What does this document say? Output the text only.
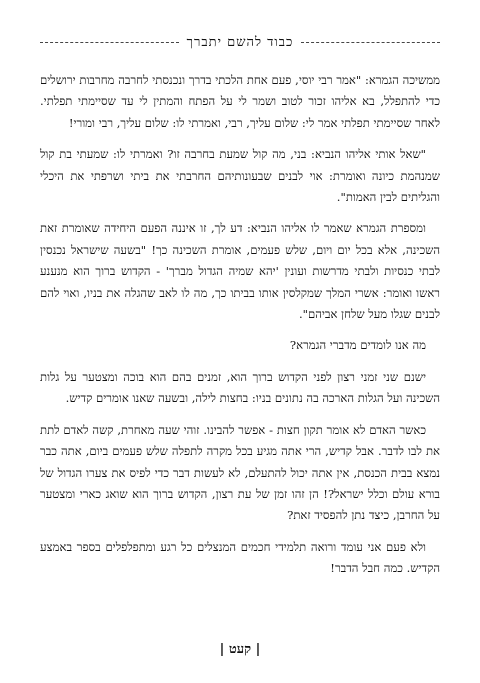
כבוד להשם יתברך

ממשיכה הגמרא: "אמר רבי יוסי, פעם אחת הלכתי בדרך ונכנסתי לחרבה מחרבות ירושלים כדי להתפלל, בא אליהו זכור לטוב ושמר לי על הפתח והמתין לי עד שסיימתי תפלתי. לאחר שסיימתי תפלתי אמר לי: שלום עליך, רבי, ואמרתי לו: שלום עליך, רבי ומורי!

"שאל אותי אליהו הנביא: בני, מה קול שמעת בחרבה זו? ואמרתי לו: שמעתי בת קול שמנהמת כיונה ואומרת: אוי לבנים שבעונותיהם החרבתי את ביתי ושרפתי את היכלי והגליתים לבין האמות".

ומספרת הגמרא שאמר לו אליהו הנביא: דע לך, זו איננה הפעם היחידה שאומרת זאת השכינה, אלא בכל יום ויום, שלש פעמים, אומרת השכינה כך! "בשעה שישראל נכנסין לבתי כנסיות ולבתי מדרשות ועונין 'יהא שמיה הגדול מברך' - הקדוש ברוך הוא מנענע ראשו ואומר: אשרי המלך שמקלסין אותו בביתו כך, מה לו לאב שהגלה את בניו, ואוי להם לבנים שגלו מעל שלחן אביהם".

מה אנו לומדים מדברי הגמרא?

ישנם שני זמני רצון לפני הקדוש ברוך הוא, זמנים בהם הוא בוכה ומצטער על גלות השכינה ועל הגלות הארכה בה נתונים בניו: בחצות לילה, ובשעה שאנו אומרים קדיש.

כאשר האדם לא אומר תקון חצות - אפשר להבינו. זוהי שעה מאחרת, קשה לאדם לתת את לבו לדבר. אבל קדיש, הרי אתה מגיע בכל מקרה לתפלה שלש פעמים ביום, אתה כבר נמצא בבית הכנסת, אין אתה יכול להתעלם, לא לעשות דבר כדי לפיס את צערו הגדול של בורא עולם וכלל ישראל?! הן זהו זמן של עת רצון, הקדוש ברוך הוא שואג כארי ומצטער על החרבן, כיצד נתן להפסיד זאת?

ולא פעם אני עומד ורואה תלמידי חכמים המנצלים כל רגע ומתפלפלים בספר באמצע הקדיש. כמה חבל הדבר!

| קעט |
